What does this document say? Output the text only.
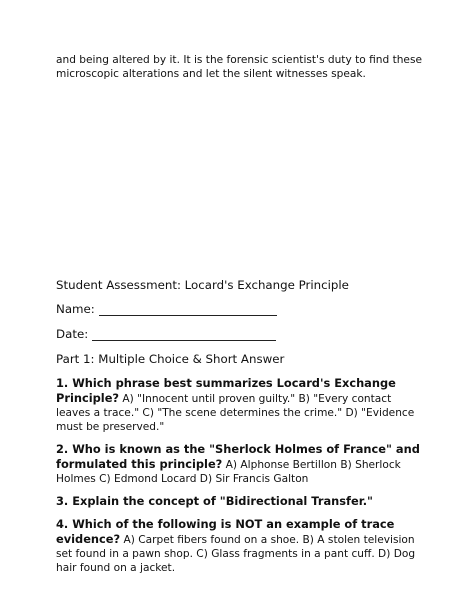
and being altered by it. It is the forensic scientist's duty to find these microscopic alterations and let the silent witnesses speak.

Student Assessment: Locard's Exchange Principle

Name:
Date:

Part 1: Multiple Choice & Short Answer

1. Which phrase best summarizes Locard's Exchange Principle? A) "Innocent until proven guilty." B) "Every contact leaves a trace." C) "The scene determines the crime." D) "Evidence must be preserved."

2. Who is known as the "Sherlock Holmes of France" and formulated this principle? A) Alphonse Bertillon B) Sherlock Holmes C) Edmond Locard D) Sir Francis Galton

3. Explain the concept of "Bidirectional Transfer."

4. Which of the following is NOT an example of trace evidence? A) Carpet fibers found on a shoe. B) A stolen television set found in a pawn shop. C) Glass fragments in a pant cuff. D) Dog hair found on a jacket.
